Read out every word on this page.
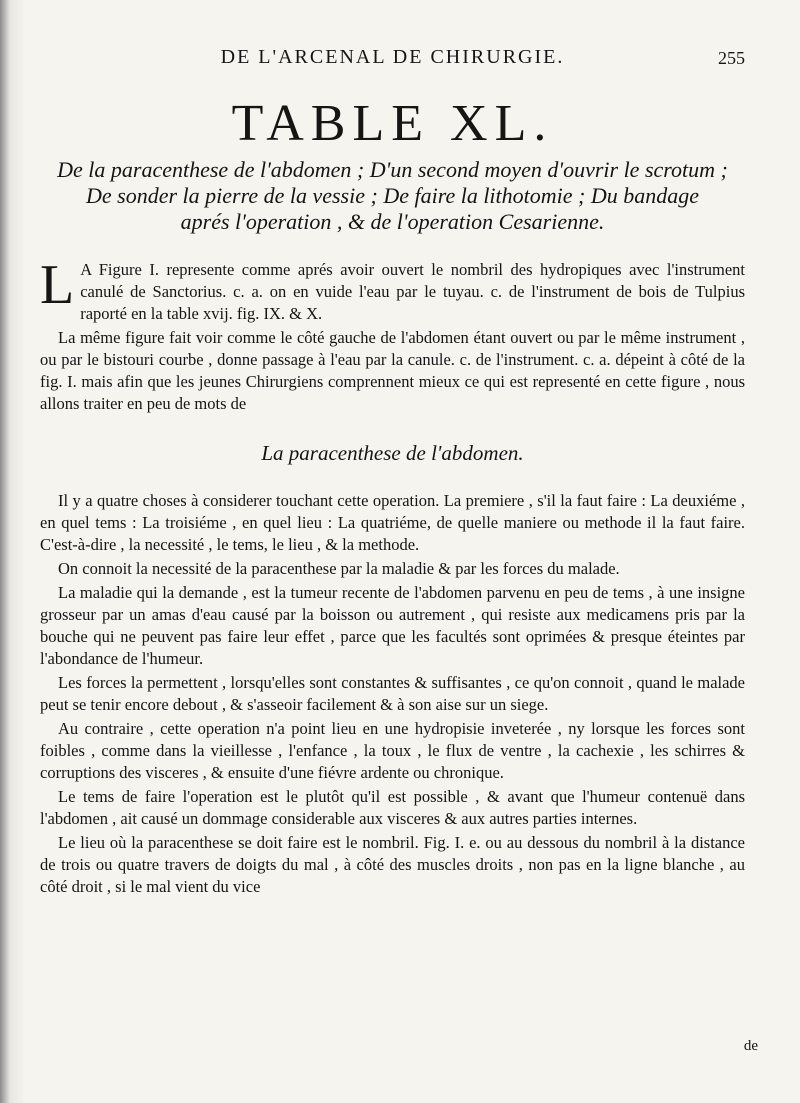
DE L'ARCENAL DE CHIRURGIE.	255
TABLE XL.

De la paracenthese de l'abdomen ; D'un second moyen d'ouvrir le scrotum ;

De sonder la pierre de la vessie ; De faire la lithotomie ; Du bandage

aprés l'operation , & de l'operation Cesarienne.

L A Figure I. represente comme aprés avoir ouvert le nombril des hydropiques avec l'instrument canulé de Sanctorius. c. a. on en vuide l'eau par le tuyau. c. de l'instrument de bois de Tulpius raporté en la table xvij. fig. IX. & X.

La même figure fait voir comme le côté gauche de l'abdomen étant ouvert ou par le même instrument , ou par le bistouri courbe , donne passage à l'eau par la canule. c. de l'instrument. c. a. dépeint à côté de la fig. I. mais afin que les jeunes Chirurgiens comprennent mieux ce qui est representé en cette figure , nous allons traiter en peu de mots de

La paracenthese de l'abdomen.

Il y a quatre choses à considerer touchant cette operation. La premiere , s'il la faut faire : La deuxiéme , en quel tems : La troisiéme , en quel lieu : La quatriéme, de quelle maniere ou methode il la faut faire. C'est-à-dire , la necessité , le tems, le lieu , & la methode.

On connoit la necessité de la paracenthese par la maladie & par les forces du malade.

La maladie qui la demande , est la tumeur recente de l'abdomen parvenu en peu de tems , à une insigne grosseur par un amas d'eau causé par la boisson ou autrement , qui resiste aux medicamens pris par la bouche qui ne peuvent pas faire leur effet , parce que les facultés sont oprimées & presque éteintes par l'abondance de l'humeur.

Les forces la permettent , lorsqu'elles sont constantes & suffisantes , ce qu'on connoit , quand le malade peut se tenir encore debout , & s'asseoir facilement & à son aise sur un siege.

Au contraire , cette operation n'a point lieu en une hydropisie inveterée , ny lorsque les forces sont foibles , comme dans la vieillesse , l'enfance , la toux , le flux de ventre , la cachexie , les schirres & corruptions des visceres , & ensuite d'une fiévre ardente ou chronique.

Le tems de faire l'operation est le plutôt qu'il est possible , & avant que l'humeur contenuë dans l'abdomen , ait causé un dommage considerable aux visceres & aux autres parties internes.

Le lieu où la paracenthese se doit faire est le nombril. Fig. I. e. ou au dessous du nombril à la distance de trois ou quatre travers de doigts du mal , à côté des muscles droits , non pas en la ligne blanche , au côté droit , si le mal vient du vice

de
